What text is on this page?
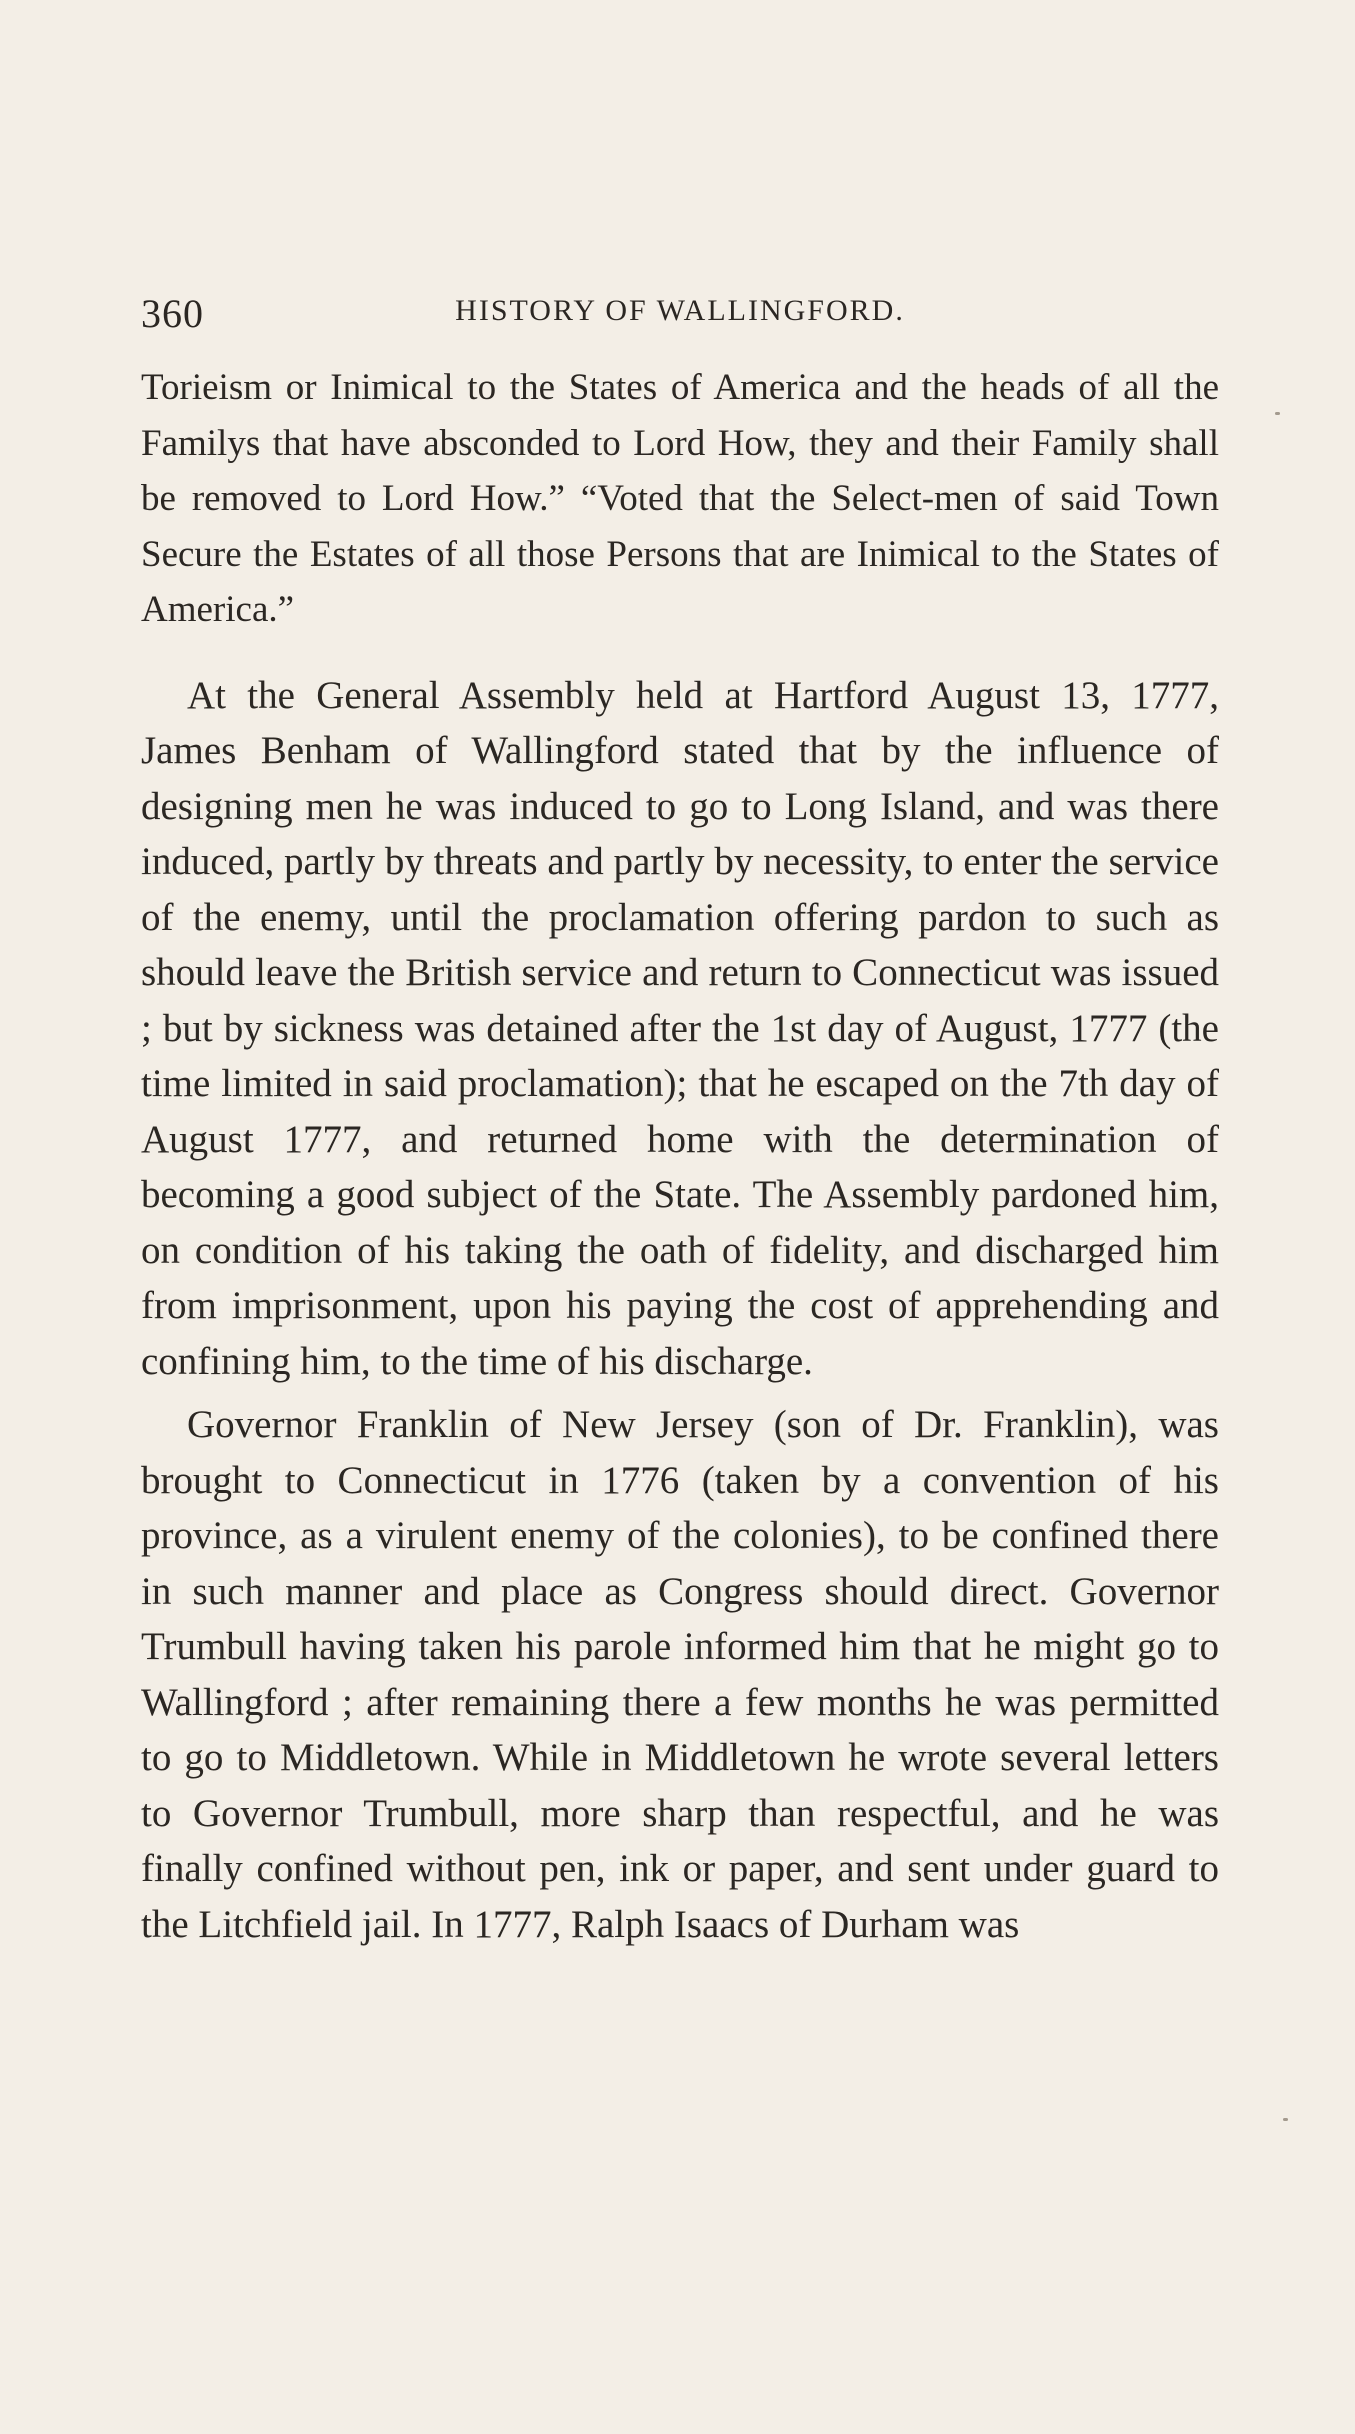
360	HISTORY OF WALLINGFORD.

Torieism or Inimical to the States of America and the heads of all the Familys that have absconded to Lord How, they and their Family shall be removed to Lord How.” “Voted that the Select-men of said Town Secure the Estates of all those Persons that are Inimical to the States of America.”

At the General Assembly held at Hartford August 13, 1777, James Benham of Wallingford stated that by the influence of designing men he was induced to go to Long Island, and was there induced, partly by threats and partly by necessity, to enter the service of the enemy, until the proclamation offering pardon to such as should leave the British service and return to Connecticut was issued ; but by sickness was detained after the 1st day of August, 1777 (the time limited in said proclamation); that he escaped on the 7th day of August 1777, and returned home with the determination of becoming a good subject of the State. The Assembly pardoned him, on condition of his taking the oath of fidelity, and discharged him from imprisonment, upon his paying the cost of apprehending and confining him, to the time of his discharge.

Governor Franklin of New Jersey (son of Dr. Franklin), was brought to Connecticut in 1776 (taken by a convention of his province, as a virulent enemy of the colonies), to be confined there in such manner and place as Congress should direct. Governor Trumbull having taken his parole informed him that he might go to Wallingford ; after remaining there a few months he was permitted to go to Middletown. While in Middletown he wrote several letters to Governor Trumbull, more sharp than respectful, and he was finally confined without pen, ink or paper, and sent under guard to the Litchfield jail. In 1777, Ralph Isaacs of Durham was
